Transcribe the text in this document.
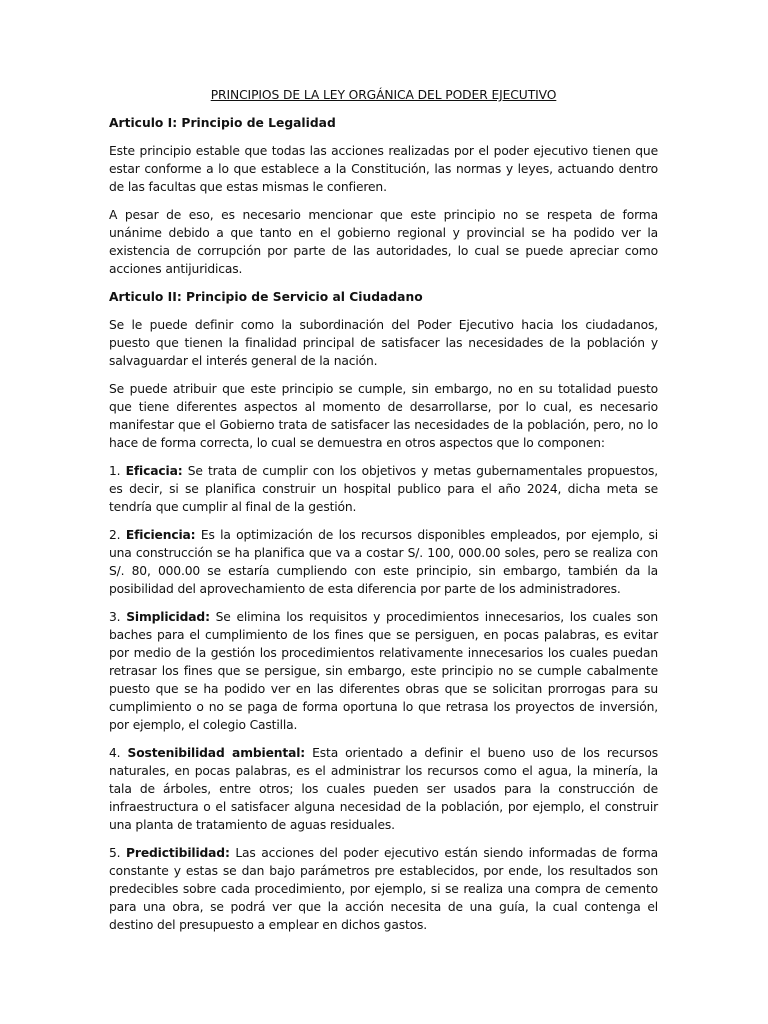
PRINCIPIOS DE LA LEY ORGÁNICA DEL PODER EJECUTIVO

Articulo I: Principio de Legalidad

Este principio estable que todas las acciones realizadas por el poder ejecutivo tienen que estar conforme a lo que establece a la Constitución, las normas y leyes, actuando dentro de las facultas que estas mismas le confieren.

A pesar de eso, es necesario mencionar que este principio no se respeta de forma unánime debido a que tanto en el gobierno regional y provincial se ha podido ver la existencia de corrupción por parte de las autoridades, lo cual se puede apreciar como acciones antijuridicas.

Articulo II: Principio de Servicio al Ciudadano

Se le puede definir como la subordinación del Poder Ejecutivo hacia los ciudadanos, puesto que tienen la finalidad principal de satisfacer las necesidades de la población y salvaguardar el interés general de la nación.

Se puede atribuir que este principio se cumple, sin embargo, no en su totalidad puesto que tiene diferentes aspectos al momento de desarrollarse, por lo cual, es necesario manifestar que el Gobierno trata de satisfacer las necesidades de la población, pero, no lo hace de forma correcta, lo cual se demuestra en otros aspectos que lo componen:

1. Eficacia: Se trata de cumplir con los objetivos y metas gubernamentales propuestos, es decir, si se planifica construir un hospital publico para el año 2024, dicha meta se tendría que cumplir al final de la gestión.

2. Eficiencia: Es la optimización de los recursos disponibles empleados, por ejemplo, si una construcción se ha planifica que va a costar S/. 100, 000.00 soles, pero se realiza con S/. 80, 000.00 se estaría cumpliendo con este principio, sin embargo, también da la posibilidad del aprovechamiento de esta diferencia por parte de los administradores.

3. Simplicidad: Se elimina los requisitos y procedimientos innecesarios, los cuales son baches para el cumplimiento de los fines que se persiguen, en pocas palabras, es evitar por medio de la gestión los procedimientos relativamente innecesarios los cuales puedan retrasar los fines que se persigue, sin embargo, este principio no se cumple cabalmente puesto que se ha podido ver en las diferentes obras que se solicitan prorrogas para su cumplimiento o no se paga de forma oportuna lo que retrasa los proyectos de inversión, por ejemplo, el colegio Castilla.

4. Sostenibilidad ambiental: Esta orientado a definir el bueno uso de los recursos naturales, en pocas palabras, es el administrar los recursos como el agua, la minería, la tala de árboles, entre otros; los cuales pueden ser usados para la construcción de infraestructura o el satisfacer alguna necesidad de la población, por ejemplo, el construir una planta de tratamiento de aguas residuales.

5. Predictibilidad: Las acciones del poder ejecutivo están siendo informadas de forma constante y estas se dan bajo parámetros pre establecidos, por ende, los resultados son predecibles sobre cada procedimiento, por ejemplo, si se realiza una compra de cemento para una obra, se podrá ver que la acción necesita de una guía, la cual contenga el destino del presupuesto a emplear en dichos gastos.
